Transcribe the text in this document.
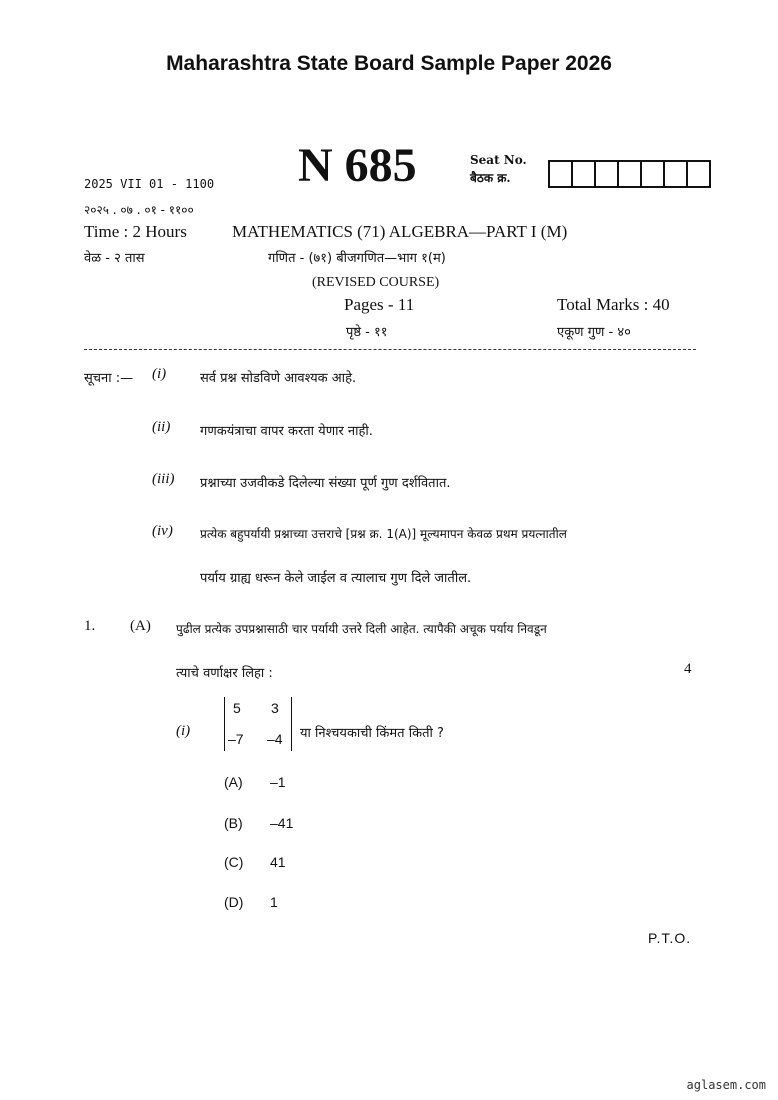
Maharashtra State Board Sample Paper 2026
N 685	Seat No.
बैठक क्र.
2025 VII 01 - 1100
२०२५ . ०७ . ०१ - ११००
Time : 2 Hours	MATHEMATICS (71) ALGEBRA—PART I (M)
वेळ - २ तास	गणित - (७१) बीजगणित—भाग १(म)
(REVISED COURSE)
Pages - 11	Total Marks : 40
पृष्ठे - ११	एकूण गुण - ४०
सूचना :— (i)	सर्व प्रश्न सोडविणे आवश्यक आहे.
(ii) गणकयंत्राचा वापर करता येणार नाही.
(iii) प्रश्नाच्या उजवीकडे दिलेल्या संख्या पूर्ण गुण दर्शवितात.
(iv) प्रत्येक बहुपर्यायी प्रश्नाच्या उत्तराचे [प्रश्न क्र. 1(A)] मूल्यमापन केवळ प्रथम प्रयत्नातील
पर्याय ग्राह्य धरून केले जाईल व त्यालाच गुण दिले जातील.
1. (A) पुढील प्रत्येक उपप्रश्नासाठी चार पर्यायी उत्तरे दिली आहेत. त्यापैकी अचूक पर्याय निवडून
त्याचे वर्णाक्षर लिहा :	4
(i)
5 3
–7 –4 या निश्चयकाची किंमत किती ?
(A) –1
(B) –41
(C) 41
(D) 1
P.T.O.
aglasem.com
